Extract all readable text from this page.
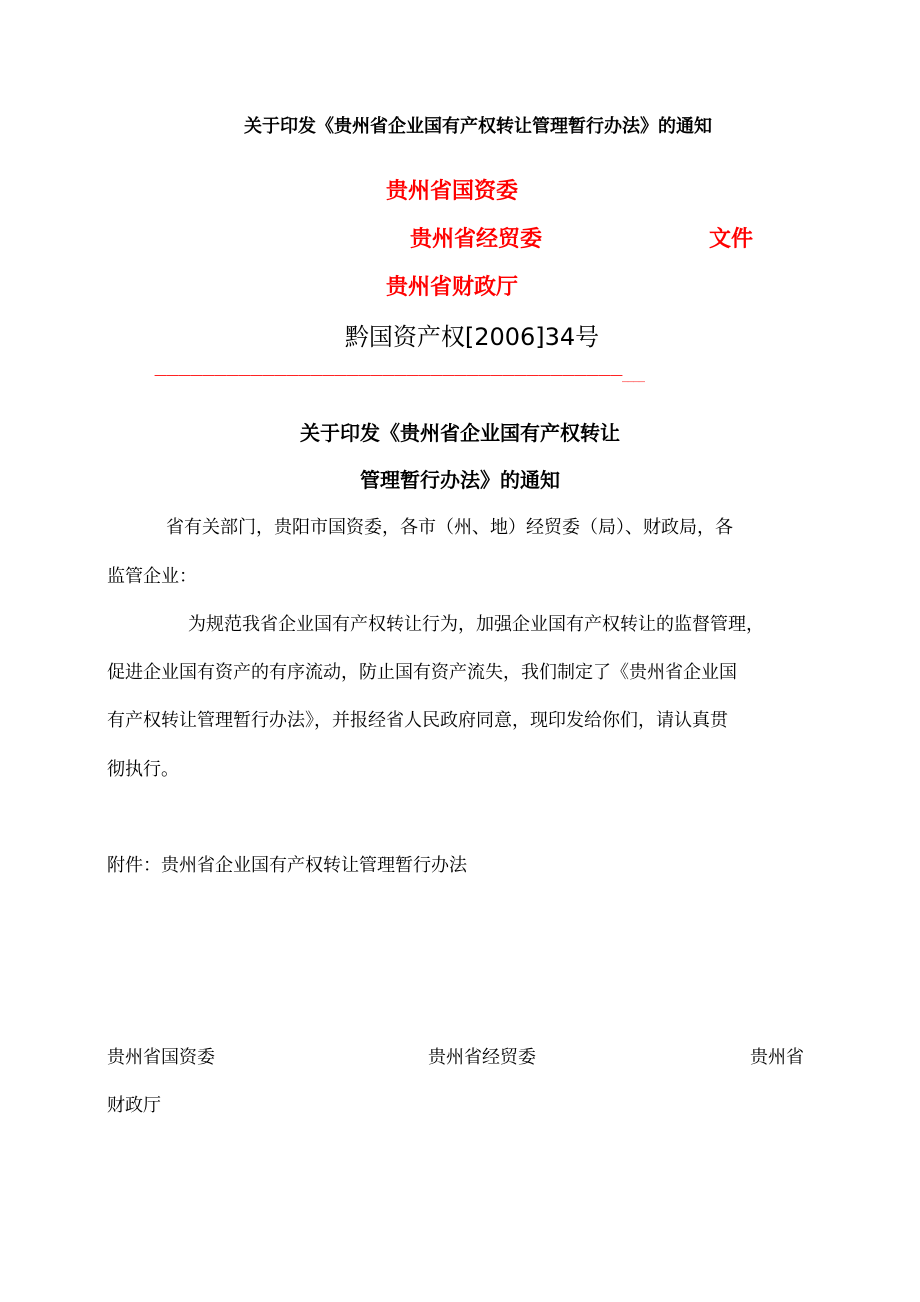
关于印发《贵州省企业国有产权转让管理暂行办法》的通知
贵州省国资委
贵州省经贸委	文件
贵州省财政厅
黔国资产权[2006]34号
———————————————————————————————————————____
关于印发《贵州省企业国有产权转让
管理暂行办法》的通知
省有关部门，贵阳市国资委，各市（州、地）经贸委（局）、财政局，各
监管企业：
为规范我省企业国有产权转让行为，加强企业国有产权转让的监督管理，
促进企业国有资产的有序流动，防止国有资产流失，我们制定了《贵州省企业国
有产权转让管理暂行办法》，并报经省人民政府同意，现印发给你们，请认真贯
彻执行。
附件：贵州省企业国有产权转让管理暂行办法
贵州省国资委	贵州省经贸委	贵州省
财政厅
